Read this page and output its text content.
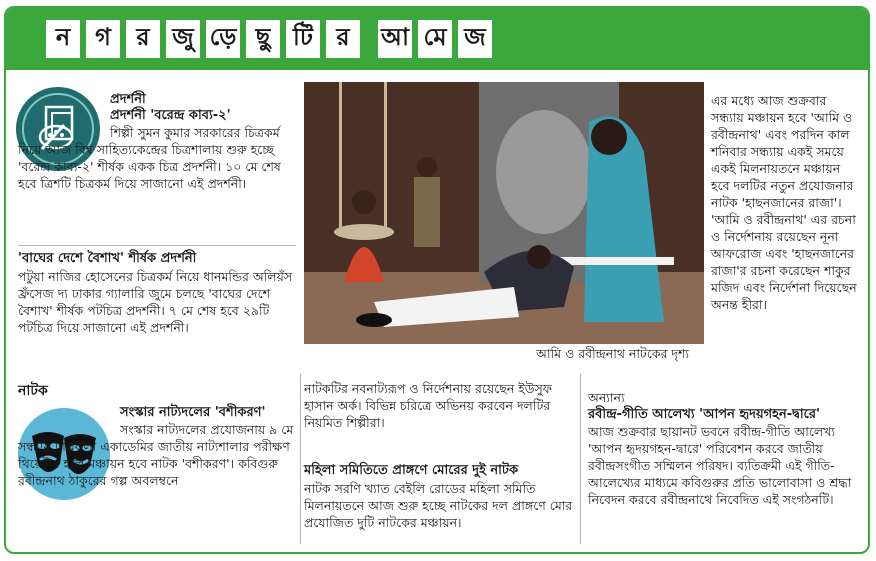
ন	গ	র জু ড়ে ছু টি র	আ মে জ
প্রদর্শনী
প্রদর্শনী 'বরেন্দ্র কাব্য-২'
শিল্পী সুমন কুমার সরকারের চিত্রকর্ম নিয়ে আজ বিশ্ব সাহিত্যকেন্দ্রের চিত্রশালায় শুরু হচ্ছে 'বরেন্দ্র কাব্য-২' শীর্ষক একক চিত্র প্রদর্শনী। ১০ মে শেষ হবে ত্রিশটি চিত্রকর্ম দিয়ে সাজানো এই প্রদর্শনী।
'বাঘের দেশে বৈশাখ' শীর্ষক প্রদর্শনী
পটুয়া নাজির হোসেনের চিত্রকর্ম নিয়ে ধানমন্ডির অলিয়ঁস ফ্রঁসেজ দ্য ঢাকার গ্যালারি জুমে চলছে 'বাঘের দেশে বৈশাখ' শীর্ষক পটচিত্র প্রদর্শনী। ৭ মে শেষ হবে ২৯টি পটচিত্র দিয়ে সাজানো এই প্রদর্শনী।
আমি ও রবীন্দ্রনাথ নাটকের দৃশ্য
এর মধ্যে আজ শুক্রবার সন্ধ্যায় মঞ্চায়ন হবে 'আমি ও রবীন্দ্রনাথ' এবং পরদিন কাল শনিবার সন্ধ্যায় একই সময়ে একই মিলনায়তনে মঞ্চায়ন হবে দলটির নতুন প্রযোজনার নাটক 'হাছনজানের রাজা'। 'আমি ও রবীন্দ্রনাথ' এর রচনা ও নির্দেশনায় রয়েছেন নূনা আফরোজ এবং 'হাছনজানের রাজা'র রচনা করেছেন শাকুর মজিদ এবং নির্দেশনা দিয়েছেন অনন্ত হীরা।
নাটক
সংস্কার নাট্যদলের 'বশীকরণ'
সংস্কার নাট্যদলের প্রযোজনায় ৯ মে সন্ধ্যায় শিল্পকলা একাডেমির জাতীয় নাট্যশালার পরীক্ষণ থিয়েটার হলে মঞ্চায়ন হবে নাটক 'বশীকরণ'। কবিগুরু রবীন্দ্রনাথ ঠাকুরের গল্প অবলম্বনে
নাটকটির নবনাট্যরূপ ও নির্দেশনায় রয়েছেন ইউসুফ হাসান অর্ক। বিভিন্ন চরিত্রে অভিনয় করবেন দলটির নিয়মিত শিল্পীরা।
মহিলা সমিতিতে প্রাঙ্গণে মোরের দুই নাটক
নাটক সরণি খ্যাত বেইলি রোডের মহিলা সমিতি মিলনায়তনে আজ শুরু হচ্ছে নাটকের দল প্রাঙ্গণে মোর প্রযোজিত দুটি নাটকের মঞ্চায়ন।
অন্যান্য
রবীন্দ্র-গীতি আলেখ্য 'আপন হৃদয়গহন-দ্বারে'
আজ শুক্রবার ছায়ানট ভবনে রবীন্দ্র-গীতি আলেখ্য 'আপন হৃদয়গহন-দ্বারে' পরিবেশন করবে জাতীয় রবীন্দ্রসংগীত সম্মিলন পরিষদ। ব্যতিক্রমী এই গীতি-আলেখ্যের মাধ্যমে কবিগুরুর প্রতি ভালোবাসা ও শ্রদ্ধা নিবেদন করবে রবীন্দ্রনাথে নিবেদিত এই সংগঠনটি।
